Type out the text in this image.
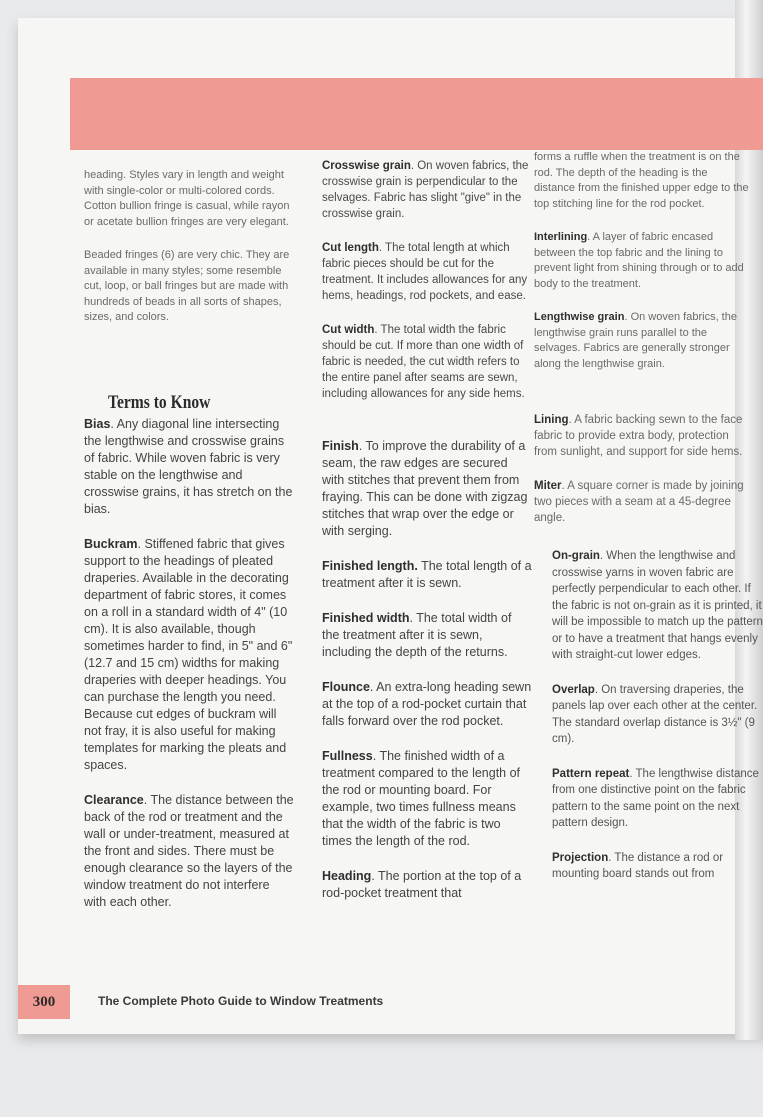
heading. Styles vary in length and weight with single-color or multi-colored cords. Cotton bullion fringe is casual, while rayon or acetate bullion fringes are very elegant.

Beaded fringes (6) are very chic. They are available in many styles; some resemble cut, loop, or ball fringes but are made with hundreds of beads in all sorts of shapes, sizes, and colors.

Terms to Know

Bias. Any diagonal line intersecting the lengthwise and crosswise grains of fabric. While woven fabric is very stable on the lengthwise and crosswise grains, it has stretch on the bias.

Buckram. Stiffened fabric that gives support to the headings of pleated draperies. Available in the decorating department of fabric stores, it comes on a roll in a standard width of 4" (10 cm). It is also available, though sometimes harder to find, in 5" and 6" (12.7 and 15 cm) widths for making draperies with deeper headings. You can purchase the length you need. Because cut edges of buckram will not fray, it is also useful for making templates for marking the pleats and spaces.

Clearance. The distance between the back of the rod or treatment and the wall or under-treatment, measured at the front and sides. There must be enough clearance so the layers of the window treatment do not interfere with each other.

Crosswise grain. On woven fabrics, the crosswise grain is perpendicular to the selvages. Fabric has slight "give" in the crosswise grain.

Cut length. The total length at which fabric pieces should be cut for the treatment. It includes allowances for any hems, headings, rod pockets, and ease.

Cut width. The total width the fabric should be cut. If more than one width of fabric is needed, the cut width refers to the entire panel after seams are sewn, including allowances for any side hems.

Finish. To improve the durability of a seam, the raw edges are secured with stitches that prevent them from fraying. This can be done with zigzag stitches that wrap over the edge or with serging.

Finished length. The total length of a treatment after it is sewn.

Finished width. The total width of the treatment after it is sewn, including the depth of the returns.

Flounce. An extra-long heading sewn at the top of a rod-pocket curtain that falls forward over the rod pocket.

Fullness. The finished width of a treatment compared to the length of the rod or mounting board. For example, two times fullness means that the width of the fabric is two times the length of the rod.

Heading. The portion at the top of a rod-pocket treatment that

forms a ruffle when the treatment is on the rod. The depth of the heading is the distance from the finished upper edge to the top stitching line for the rod pocket.

Interlining. A layer of fabric encased between the top fabric and the lining to prevent light from shining through or to add body to the treatment.

Lengthwise grain. On woven fabrics, the lengthwise grain runs parallel to the selvages. Fabrics are generally stronger along the lengthwise grain.

Lining. A fabric backing sewn to the face fabric to provide extra body, protection from sunlight, and support for side hems.

Miter. A square corner is made by joining two pieces with a seam at a 45-degree angle.

On-grain. When the lengthwise and crosswise yarns in woven fabric are perfectly perpendicular to each other. If the fabric is not on-grain as it is printed, it will be impossible to match up the pattern or to have a treatment that hangs evenly with straight-cut lower edges.

Overlap. On traversing draperies, the panels lap over each other at the center. The standard overlap distance is 3½" (9 cm).

Pattern repeat. The lengthwise distance from one distinctive point on the fabric pattern to the same point on the next pattern design.

Projection. The distance a rod or mounting board stands out from

300	The Complete Photo Guide to Window Treatments
